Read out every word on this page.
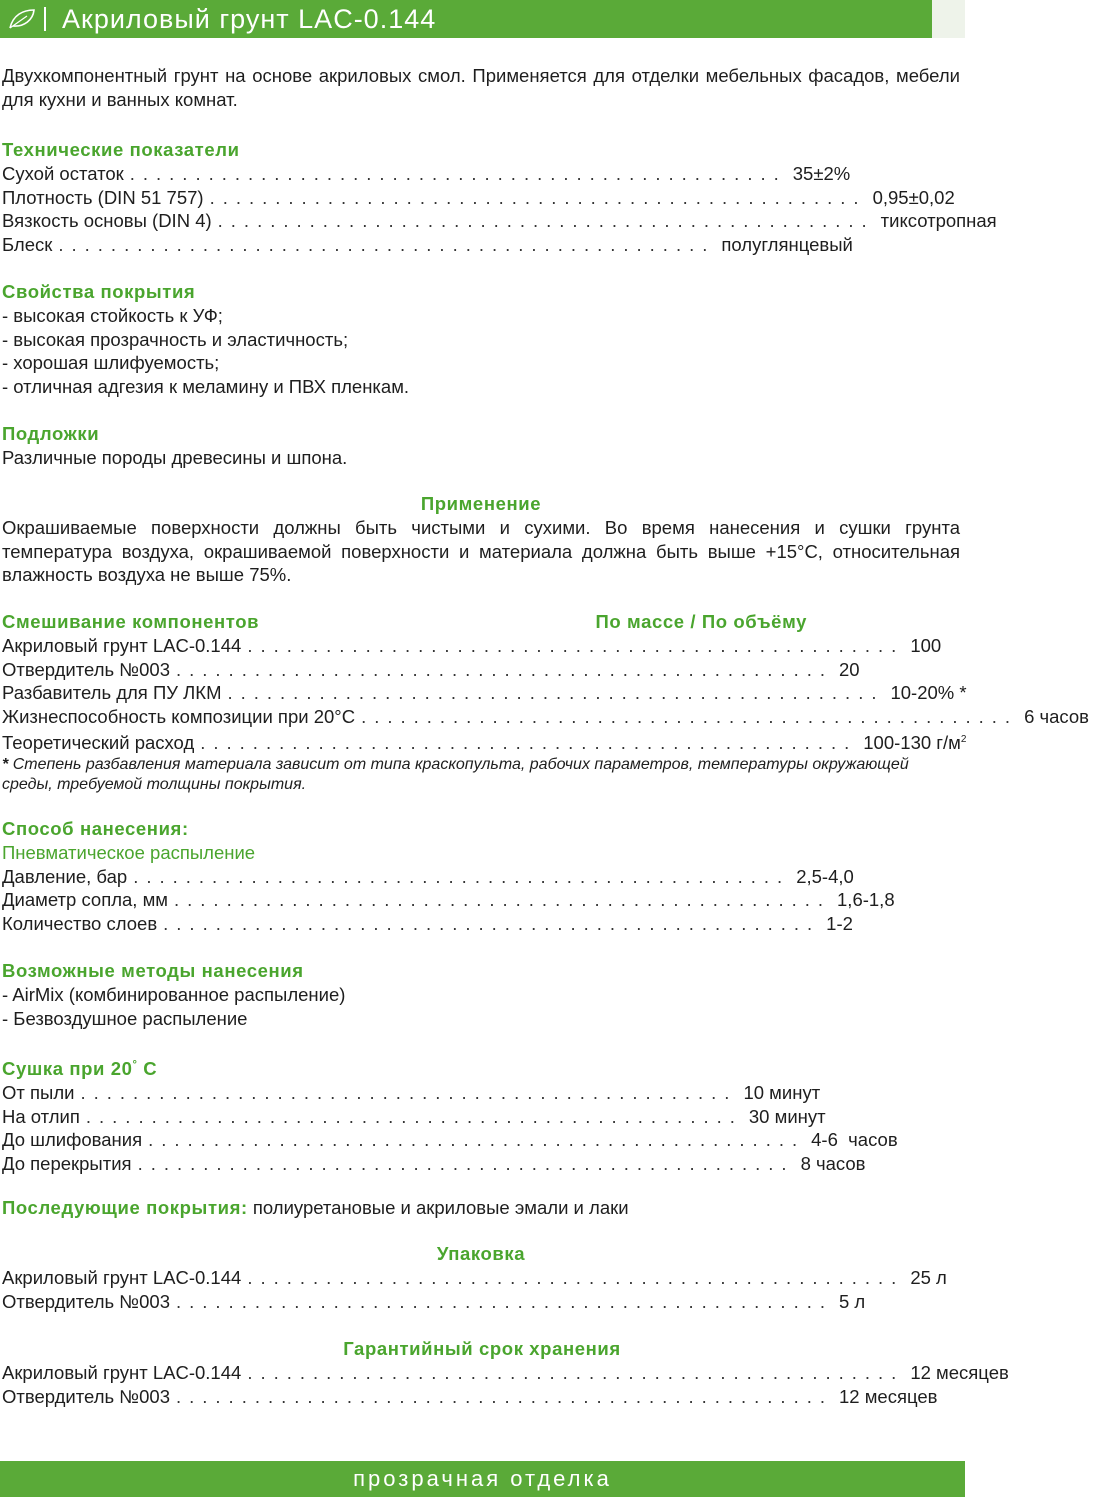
Акриловый грунт LAC-0.144

Двухкомпонентный грунт на основе акриловых смол. Применяется для отделки мебельных фасадов, мебели для кухни и ванных комнат.

Технические показатели

Сухой остаток .................................................. 35±2%
Плотность (DIN 51 757) .................................................. 0,95±0,02
Вязкость основы (DIN 4) .................................................. тиксотропная
Блеск .................................................. полуглянцевый

Свойства покрытия

- высокая стойкость к УФ;

- высокая прозрачность и эластичность;

- хорошая шлифуемость;

- отличная адгезия к меламину и ПВХ пленкам.

Подложки

Различные породы древесины и шпона.

Применение

Окрашиваемые поверхности должны быть чистыми и сухими. Во время нанесения и сушки грунта температура воздуха, окрашиваемой поверхности и материала должна быть выше +15°C, относительная влажность воздуха не выше 75%.

Смешивание компонентов	По массе / По объёму

Акриловый грунт LAC-0.144 .................................................. 100
Отвердитель №003 .................................................. 20
Разбавитель для ПУ ЛКМ .................................................. 10-20% *
Жизнеспособность композиции при 20°C .................................................. 6 часов
Теоретический расход .................................................. 100-130 $г/м^2$

* Степень разбавления материала зависит от типа краскопульта, рабочих параметров, температуры окружающей среды, требуемой толщины покрытия.

Способ нанесения:

Пневматическое распыление

Давление, бар .................................................. 2,5-4,0
Диаметр сопла, мм .................................................. 1,6-1,8
Количество слоев .................................................. 1-2

Возможные методы нанесения

- AirMix (комбинированное распыление)

- Безвоздушное распыление

Сушка при 20° С

От пыли .................................................. 10 минут
На отлип .................................................. 30 минут
До шлифования .................................................. 4-6  часов
До перекрытия .................................................. 8 часов

Последующие покрытия: полиуретановые и акриловые эмали и лаки

Упаковка

Акриловый грунт LAC-0.144 .................................................. 25 л
Отвердитель №003 .................................................. 5 л

Гарантийный срок хранения

Акриловый грунт LAC-0.144 .................................................. 12 месяцев
Отвердитель №003 .................................................. 12 месяцев
прозрачная отделка
